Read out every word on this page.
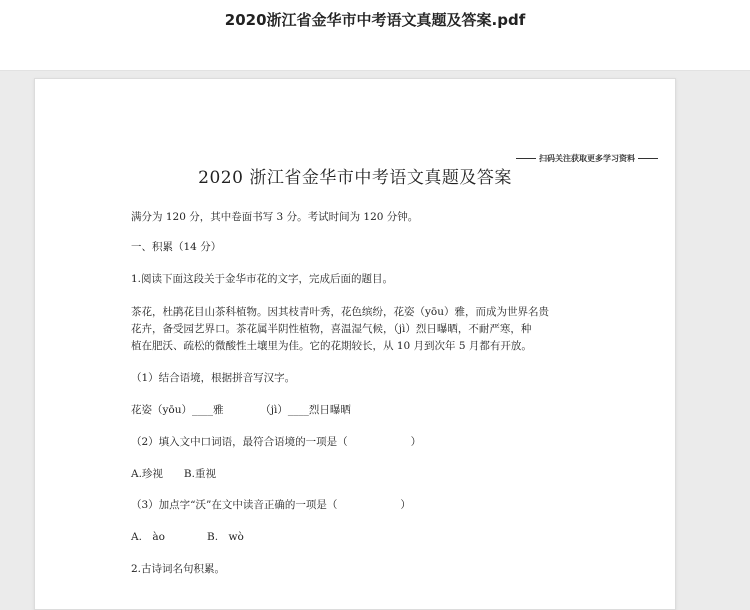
2020浙江省金华市中考语文真题及答案.pdf
扫码关注获取更多学习资料
2020 浙江省金华市中考语文真题及答案
满分为 120 分，其中卷面书写 3 分。考试时间为 120 分钟。
一、积累（14 分）
1.阅读下面这段关于金华市花的文字，完成后面的题目。
茶花，杜鹃花目山茶科植物。因其枝青叶秀，花色缤纷，花姿（yōu）雅，而成为世界名贵
花卉，备受园艺界口。茶花属半阴性植物，喜温湿气候，（jì）烈日曝晒，不耐严寒，种
植在肥沃、疏松的微酸性土壤里为佳。它的花期较长，从 10 月到次年 5 月都有开放。
（1）结合语境，根据拼音写汉字。
花姿（yōu）____雅　　　　（jì）____烈日曝晒
（2）填入文中口词语，最符合语境的一项是（　　　　　　）
A.珍视　　B.重视
（3）加点字“沃”在文中读音正确的一项是（　　　　　　）
A.　ào　　　　B.　wò
2.古诗词名句积累。
